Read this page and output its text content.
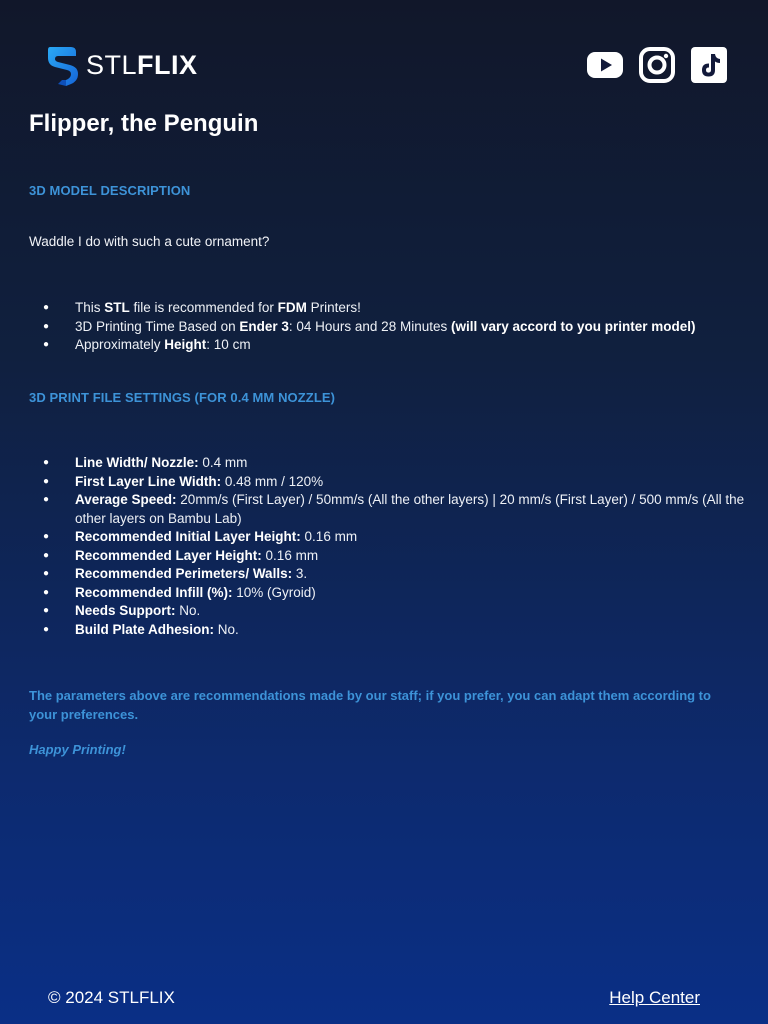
STLFLIX
Flipper, the Penguin
3D MODEL DESCRIPTION

Waddle I do with such a cute ornament?

● This STL file is recommended for FDM Printers!
● 3D Printing Time Based on Ender 3: 04 Hours and 28 Minutes (will vary accord to you printer model)
● Approximately Height: 10 cm
3D PRINT FILE SETTINGS (FOR 0.4 MM NOZZLE)
● Line Width/ Nozzle: 0.4 mm
● First Layer Line Width: 0.48 mm / 120%
● Average Speed: 20mm/s (First Layer) / 50mm/s (All the other layers) | 20 mm/s (First Layer) / 500 mm/s (All the other layers on Bambu Lab)
● Recommended Initial Layer Height: 0.16 mm
● Recommended Layer Height: 0.16 mm
● Recommended Perimeters/ Walls: 3.
● Recommended Infill (%): 10% (Gyroid)
● Needs Support: No.
● Build Plate Adhesion: No.

The parameters above are recommendations made by our staff; if you prefer, you can adapt them according to your preferences.

Happy Printing!

© 2024 STLFLIX	Help Center
